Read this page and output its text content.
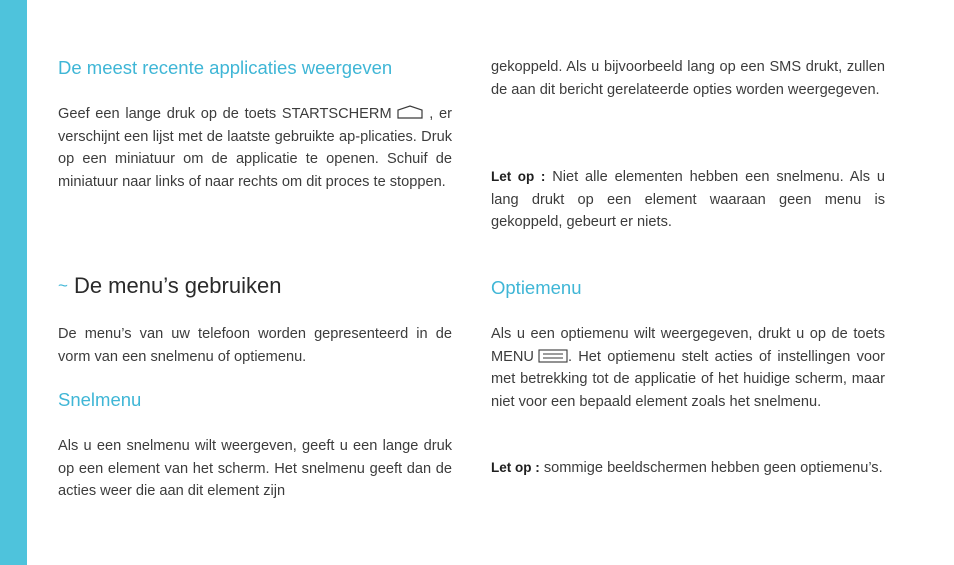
De meest recente applicaties weergeven

Geef een lange druk op de toets STARTSCHERM	, er verschijnt een lijst met de laatste gebruikte ap-plicaties. Druk op een miniatuur om de applicatie te openen. Schuif de miniatuur naar links of naar rechts om dit proces te stoppen.

~ De menu’s gebruiken

De menu’s van uw telefoon worden gepresenteerd in de vorm van een snelmenu of optiemenu.

Snelmenu

Als u een snelmenu wilt weergeven, geeft u een lange druk op een element van het scherm. Het snelmenu geeft dan de acties weer die aan dit element zijn

gekoppeld. Als u bijvoorbeeld lang op een SMS drukt, zullen de aan dit bericht gerelateerde opties worden weergegeven.

Let op : Niet alle elementen hebben een snelmenu. Als u lang drukt op een element waaraan geen menu is gekoppeld, gebeurt er niets.

Optiemenu

Als u een optiemenu wilt weergegeven, drukt u op de toets MENU . Het optiemenu stelt acties of instellingen voor met betrekking tot de applicatie of het huidige scherm, maar niet voor een bepaald element zoals het snelmenu.

Let op : sommige beeldschermen hebben geen optiemenu’s.
